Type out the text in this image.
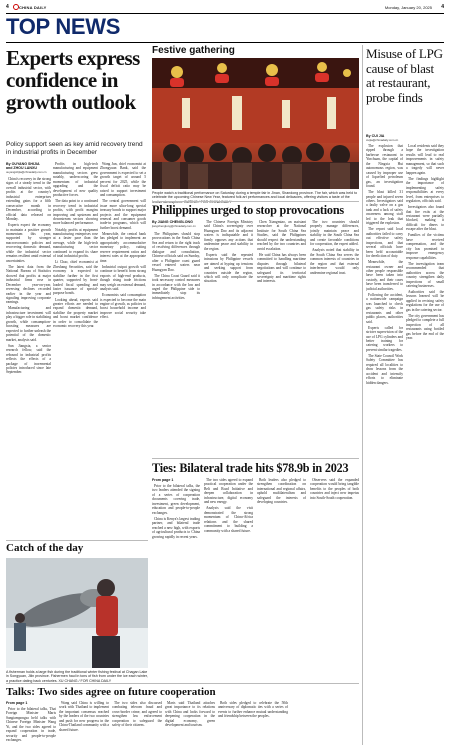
4	CHINA DAILY	Monday, January 20, 2025 4
TOP NEWS
Experts express confidence in growth outlook
Policy support seen as key amid recovery trend in industrial profits in December
By OUYANG SHIJIA
and ZHOU LANXU
ouyangshijia@chinadaily.com.cn

China's recovery in the strong signs of a steady trend in the overall industrial sector, with profits at the country's industrial enterprises extending gains for a fifth consecutive month in December, according to official data released on Monday.

Experts expect the economy to maintain a positive growth momentum this year, supported by stronger macroeconomic policies and recovering domestic demand, while the industrial sector remains resilient amid external uncertainties.

The latest data from the National Bureau of Statistics showed that profits at major industrial firms rose in December year-on-year, reversing declines recorded earlier in the year and signaling improving corporate earnings.

Manufacturing and infrastructure investment will play a bigger role in stabilizing growth, while consumption-boosting measures are expected to further unleash the potential of the domestic market, analysts said.

Sun Jiangxia, a senior research fellow, said the rebound in industrial profits reflects the effects of a package of incremental policies introduced since late September.

Profits in high-tech manufacturing and equipment manufacturing sectors grew notably, underscoring the momentum of industrial upgrading and the development of new quality productive forces.

The data point to a continued recovery trend in industrial profits, with profit margins improving and upstream and downstream sectors showing more balanced performance.

Notably, profits at equipment manufacturing enterprises rose at a faster pace than the average, while the high-tech manufacturing sector continued to expand its share of total industrial profits.

Li Chao, chief economist at Zheshang Securities, said the economy is expected to stabilize further in the first quarter, supported by front-loaded fiscal spending and faster issuance of special-purpose bonds.

Looking ahead, experts said greater efforts are needed to expand domestic demand, stabilize the property market and boost market confidence in order to consolidate the economic recovery this year.

Wang Jun, chief economist at Zhongyuan Bank, said the government is expected to set a growth target of around 5 percent for 2025, while the fiscal deficit ratio may be raised to support investment and consumption.

The central government will issue more ultra-long special treasury bonds to support major projects and the equipment renewal and consumer goods trade-in programs, which will further boost demand.

Meanwhile, the central bank has pledged to implement an appropriately accommodative monetary policy, cutting reserve requirement ratios and interest rates at the appropriate time.

Industrial output growth will continue to benefit from strong exports of high-end products, though rising trade frictions may weigh on external demand, analysts said.

Economists said consumption is expected to become the main engine of growth, as policies to boost household income and improve social security take effect.

Festive gathering
People watch a traditional performance on Saturday during a temple fair in Jinan, Shandong province. The fair, which was held to celebrate the upcoming Chinese New Year, featured folk art performances and local delicacies, offering visitors a taste of the festive atmosphere. DATING / FOR CHINA DAILY
Philippines urged to stop provocations
By JIANG CHENGLONG
jiangchenglong@chinadaily.com.cn

The Philippines should stop provocations in the South China Sea and return to the right track of resolving differences through dialogue and consultation, Chinese officials said on Sunday, after a Philippine coast guard vessel entered waters near Huangyan Dao.

The China Coast Guard said it took necessary control measures in accordance with the law and urged the Philippine side to immediately stop its infringement activities.

The Chinese Foreign Ministry said China's sovereignty over Huangyan Dao and its adjacent waters is indisputable and it firmly opposes any actions that undermine peace and stability in the region.

Experts said the repeated intrusions by Philippine vessels are aimed at hyping up tensions and seeking support from countries outside the region, which will only complicate the situation.

Chen Xiangmiao, an assistant researcher at the National Institute for South China Sea Studies, said the Philippines should respect the understanding reached by the two countries and avoid escalation.

He said China has always been committed to handling maritime disputes through bilateral negotiations and will continue to safeguard its territorial sovereignty and maritime rights and interests.

The two countries should properly manage differences, jointly maintain peace and stability in the South China Sea and create favorable conditions for cooperation, the expert added.

Analysts noted that stability in the South China Sea serves the common interests of countries in the region and that external interference would only undermine regional trust.

Ties: Bilateral trade hits $78.9b in 2023
From page 1

Prior to the bilateral talks, the two leaders attended the signing of a series of cooperation documents covering trade, investment, green development, education and people-to-people exchanges.

China is Kenya's largest trading partner, and bilateral trade reached a new high, with exports of agricultural products to China growing rapidly in recent years.

The two sides agreed to expand practical cooperation under the Belt and Road Initiative and deepen collaboration in infrastructure, digital economy and new energy.

Analysts said the visit demonstrated the strong momentum of China-Africa relations and the shared commitment to building a community with a shared future.

Both leaders also pledged to strengthen coordination on international and regional affairs, uphold multilateralism and safeguard the interests of developing countries.

Observers said the expanded cooperation would bring tangible benefits to the peoples of both countries and inject new impetus into South-South cooperation.

Catch of the day
A fisherman holds a large fish during the traditional winter fishing festival at Chagan Lake in Songyuan, Jilin province. Fishermen haul in tons of fish from under the ice each winter, a practice dating back centuries. XU CHANG / FOR CHINA DAILY
Talks: Two sides agree on future cooperation
From page 1

Prior to the bilateral talks, Thai Foreign Minister Maris Sangiampongsa held talks with Chinese Foreign Minister Wang Yi, and the two sides agreed to expand cooperation in trade, security and people-to-people exchanges.

Wang said China is willing to work with Thailand to implement the important consensus reached by the leaders of the two countries and push for new progress in the China-Thailand community with a shared future.

The two sides also discussed combating telecom fraud and cross-border crime, and agreed to strengthen law enforcement cooperation to safeguard the safety of their citizens.

Maris said Thailand attaches great importance to its relations with China and looks forward to deepening cooperation in the digital economy, green development and tourism.

Both sides pledged to celebrate the 50th anniversary of diplomatic ties with a series of events to further enhance mutual understanding and friendship between the peoples.

Misuse of LPG cause of blast at restaurant, probe finds
By CUI JIA
cuijia@chinadaily.com.cn

The explosion that ripped through a barbecue restaurant in Yinchuan, the capital of the Ningxia Hui autonomous region, was caused by improper use of liquefied petroleum gas, an investigation found.

The blast killed 31 people and injured seven others. Investigators said a faulty valve on a gas tank and a lack of safety awareness among staff led to the leak that triggered the explosion.

The report said local authorities failed to carry out effective safety inspections, and that several officials have been held accountable for dereliction of duty.

Meanwhile, the restaurant owner and other people responsible have been taken into custody, and their cases have been transferred to judicial authorities.

Following the accident, a nationwide campaign was launched to check gas safety risks in restaurants and other public places, authorities said.

Experts called for stricter supervision of the use of LPG cylinders and better training for catering workers to prevent similar tragedies.

The State Council Work Safety Committee has required all localities to draw lessons from the accident and intensify efforts to eliminate hidden dangers.

Local residents said they hope the investigation results will lead to real improvements in safety management, so that such a tragedy will never happen again.

The findings highlight the importance of implementing safety responsibilities at every level, from enterprises to regulators, officials said.

Investigators also found that fire exits at the restaurant were partially blocked, making it difficult for diners to escape after the blast.

Families of the victims have received compensation, and the city has promised to improve emergency response capabilities.

The investigation team recommended that authorities across the country strengthen daily inspections of small catering businesses.

Authorities said the lessons learned will be applied in revising safety regulations for the use of gas in the catering sector.

The city government has pledged to complete a full inspection of all restaurants using bottled gas before the end of the year.
